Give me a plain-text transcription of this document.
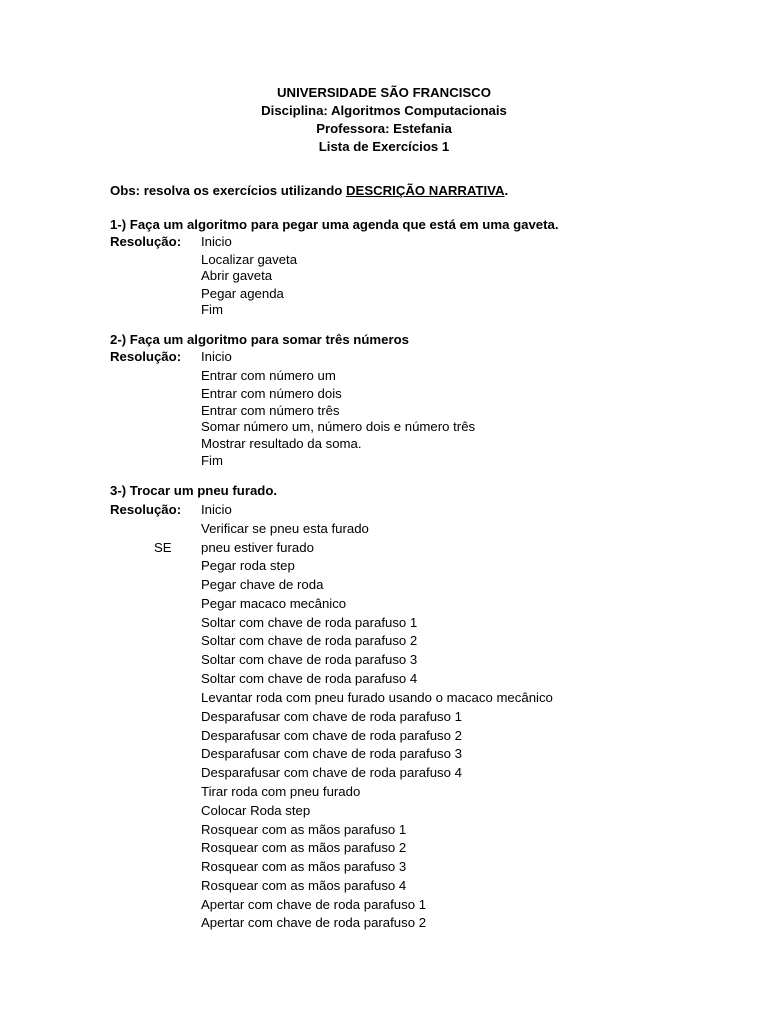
UNIVERSIDADE SÃO FRANCISCO
Disciplina: Algoritmos Computacionais
Professora: Estefania
Lista de Exercícios 1
Obs: resolva os exercícios utilizando DESCRIÇÃO NARRATIVA.
1-) Faça um algoritmo para pegar uma agenda que está em uma gaveta.
Resolução: Inicio
Localizar gaveta
Abrir gaveta
Pegar agenda
Fim
2-) Faça um algoritmo para somar três números
Resolução: Inicio
Entrar com número um
Entrar com número dois
Entrar com número três
Somar número um, número dois e número três
Mostrar resultado da soma.
Fim
3-) Trocar um pneu furado.
Resolução: Inicio
Verificar se pneu esta furado
SE pneu estiver furado
Pegar roda step
Pegar chave de roda
Pegar macaco mecânico
Soltar com chave de roda parafuso 1
Soltar com chave de roda parafuso 2
Soltar com chave de roda parafuso 3
Soltar com chave de roda parafuso 4
Levantar roda com pneu furado usando o macaco mecânico
Desparafusar com chave de roda parafuso 1
Desparafusar com chave de roda parafuso 2
Desparafusar com chave de roda parafuso 3
Desparafusar com chave de roda parafuso 4
Tirar roda com pneu furado
Colocar Roda step
Rosquear com as mãos parafuso 1
Rosquear com as mãos parafuso 2
Rosquear com as mãos parafuso 3
Rosquear com as mãos parafuso 4
Apertar com chave de roda parafuso 1
Apertar com chave de roda parafuso 2
